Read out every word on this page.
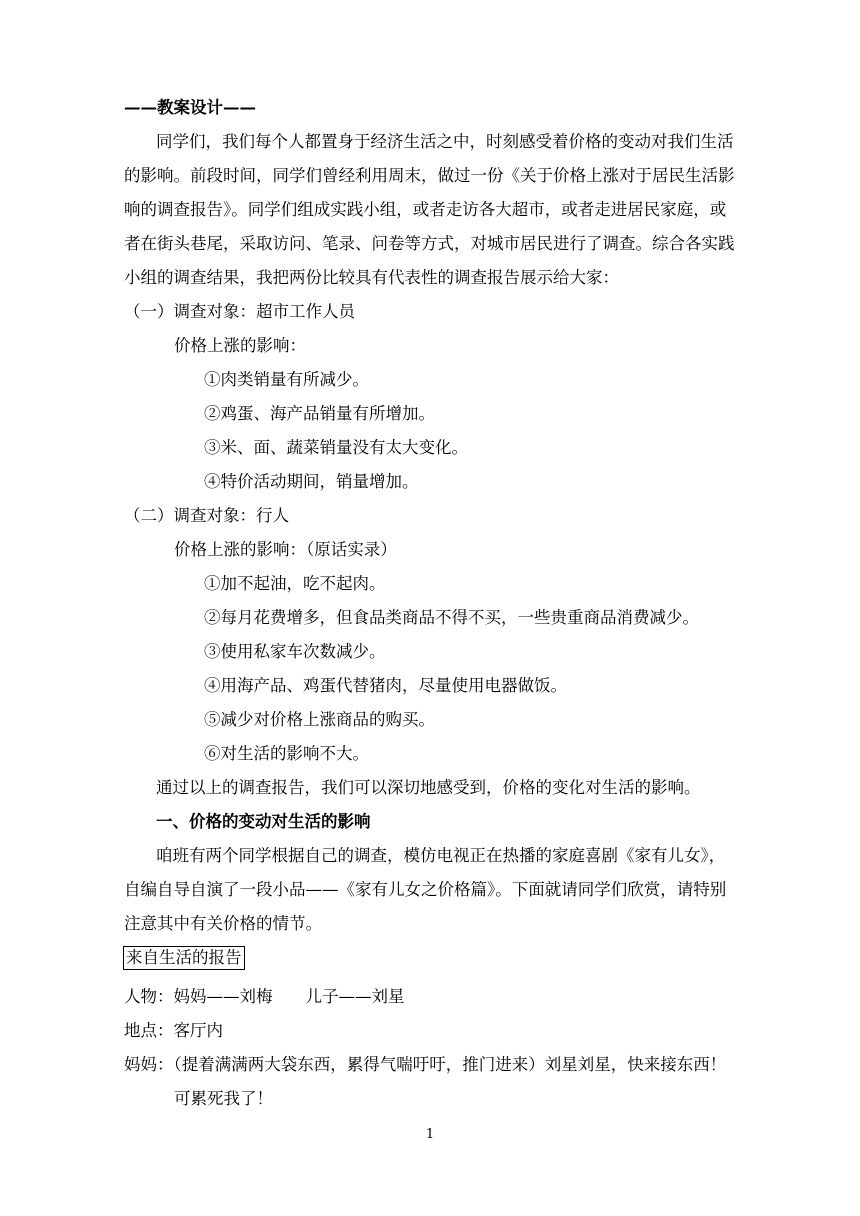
——教案设计——
同学们，我们每个人都置身于经济生活之中，时刻感受着价格的变动对我们生活
的影响。前段时间，同学们曾经利用周末，做过一份《关于价格上涨对于居民生活影
响的调查报告》。同学们组成实践小组，或者走访各大超市，或者走进居民家庭，或
者在街头巷尾，采取访问、笔录、问卷等方式，对城市居民进行了调查。综合各实践
小组的调查结果，我把两份比较具有代表性的调查报告展示给大家：
（一）调查对象：超市工作人员
价格上涨的影响：
①肉类销量有所减少。
②鸡蛋、海产品销量有所增加。
③米、面、蔬菜销量没有太大变化。
④特价活动期间，销量增加。
（二）调查对象：行人
价格上涨的影响：（原话实录）
①加不起油，吃不起肉。
②每月花费增多，但食品类商品不得不买，一些贵重商品消费减少。
③使用私家车次数减少。
④用海产品、鸡蛋代替猪肉，尽量使用电器做饭。
⑤减少对价格上涨商品的购买。
⑥对生活的影响不大。
通过以上的调查报告，我们可以深切地感受到，价格的变化对生活的影响。
一、价格的变动对生活的影响
咱班有两个同学根据自己的调查，模仿电视正在热播的家庭喜剧《家有儿女》，
自编自导自演了一段小品——《家有儿女之价格篇》。下面就请同学们欣赏，请特别
注意其中有关价格的情节。
来自生活的报告
人物：妈妈——刘梅　　儿子——刘星
地点：客厅内
妈妈：（提着满满两大袋东西，累得气喘吁吁，推门进来）刘星刘星，快来接东西！
可累死我了！
1
